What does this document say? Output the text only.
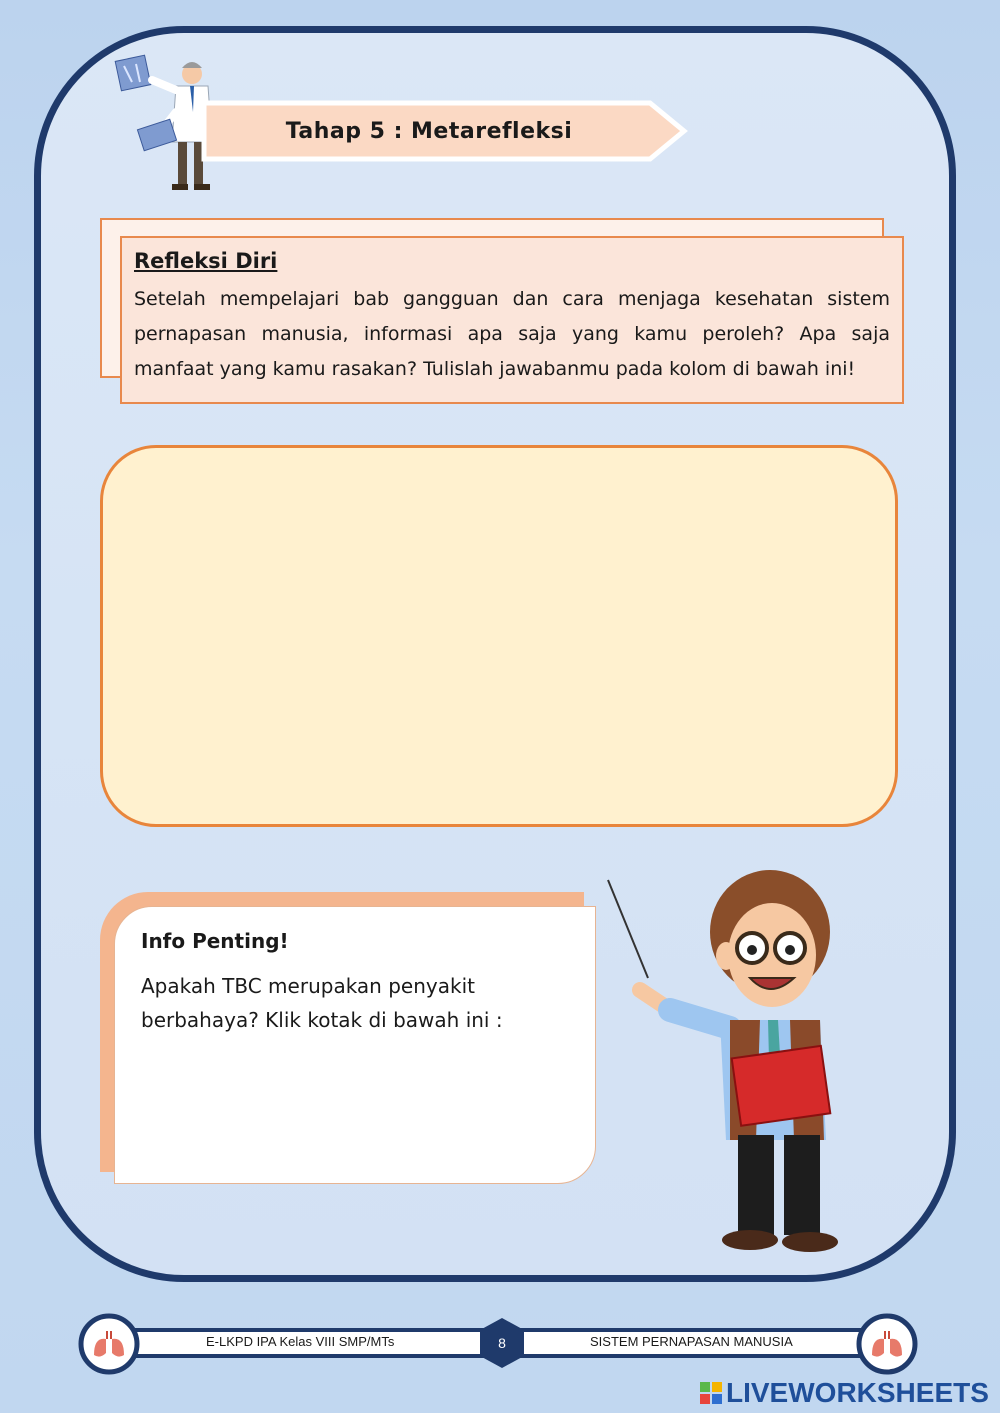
Tahap 5 : Metarefleksi

Refleksi Diri

Setelah mempelajari bab gangguan dan cara menjaga kesehatan sistem pernapasan manusia, informasi apa saja yang kamu peroleh? Apa saja manfaat yang kamu rasakan? Tulislah jawabanmu pada kolom di bawah ini!

Info Penting!

Apakah TBC merupakan penyakit berbahaya? Klik kotak di bawah ini :

E-LKPD IPA Kelas VIII SMP/MTs	8	SISTEM PERNAPASAN MANUSIA
LIVEWORKSHEETS
